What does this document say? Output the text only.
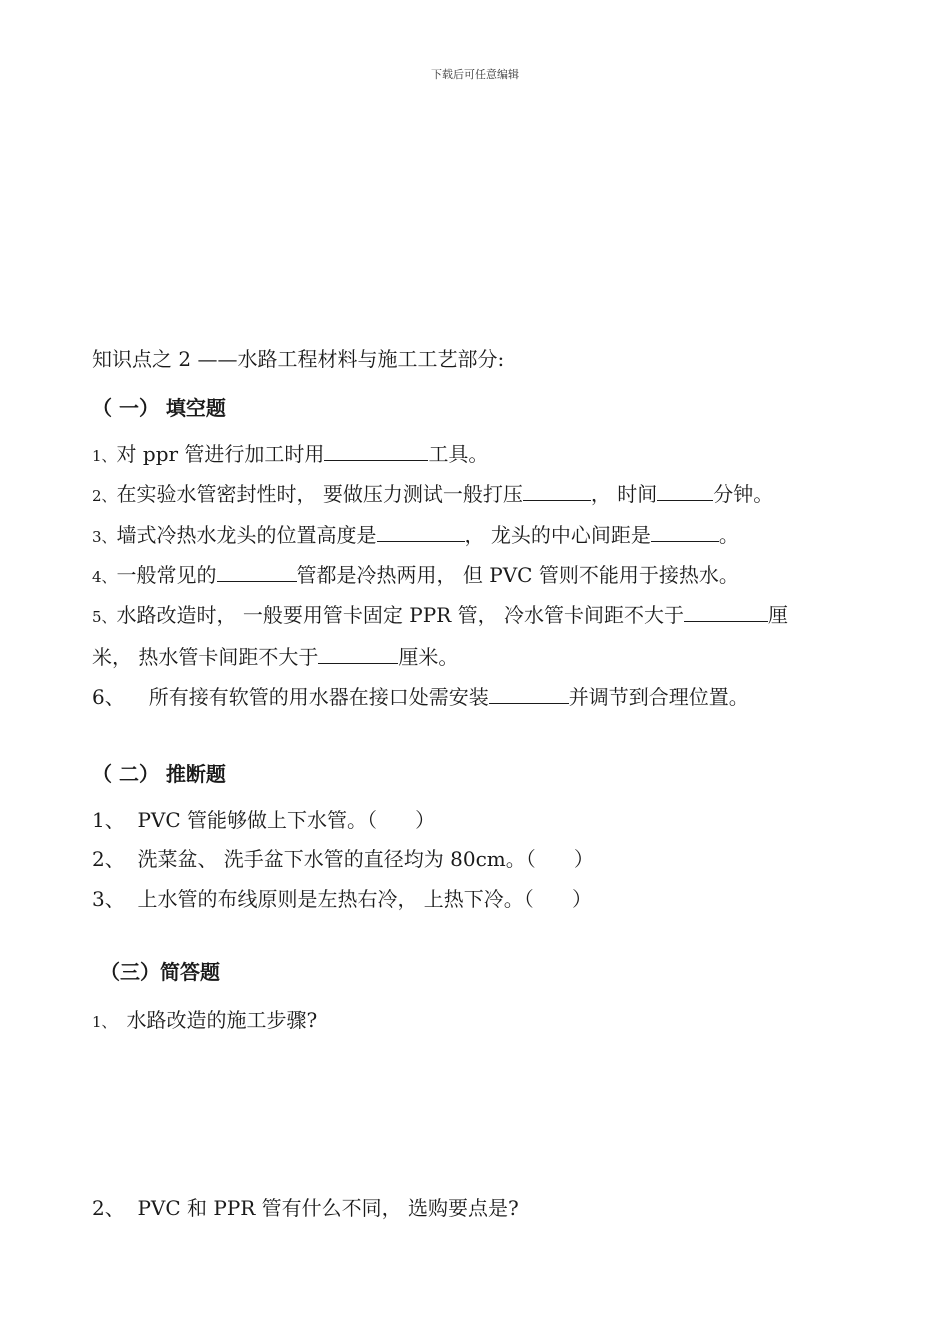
下载后可任意编辑
知识点之 2 ——水路工程材料与施工工艺部分:
（ 一） 填空题
1、对 ppr 管进行加工时用	工具。
2、在实验水管密封性时， 要做压力测试一般打压	， 时间	分钟。
3、墙式冷热水龙头的位置高度是	， 龙头的中心间距是	。
4、一般常见的	管都是冷热两用， 但 PVC 管则不能用于接热水。
5、水路改造时， 一般要用管卡固定 PPR 管， 冷水管卡间距不大于	厘
米， 热水管卡间距不大于	厘米。
6、 所有接有软管的用水器在接口处需安装	并调节到合理位置。
（ 二） 推断题
1、  PVC 管能够做上下水管。（      ）
2、  洗菜盆、 洗手盆下水管的直径均为 80cm。（      ）
3、  上水管的布线原则是左热右冷， 上热下冷。（      ）
（三）简答题
1、 水路改造的施工步骤?
2、  PVC 和 PPR 管有什么不同， 选购要点是?
